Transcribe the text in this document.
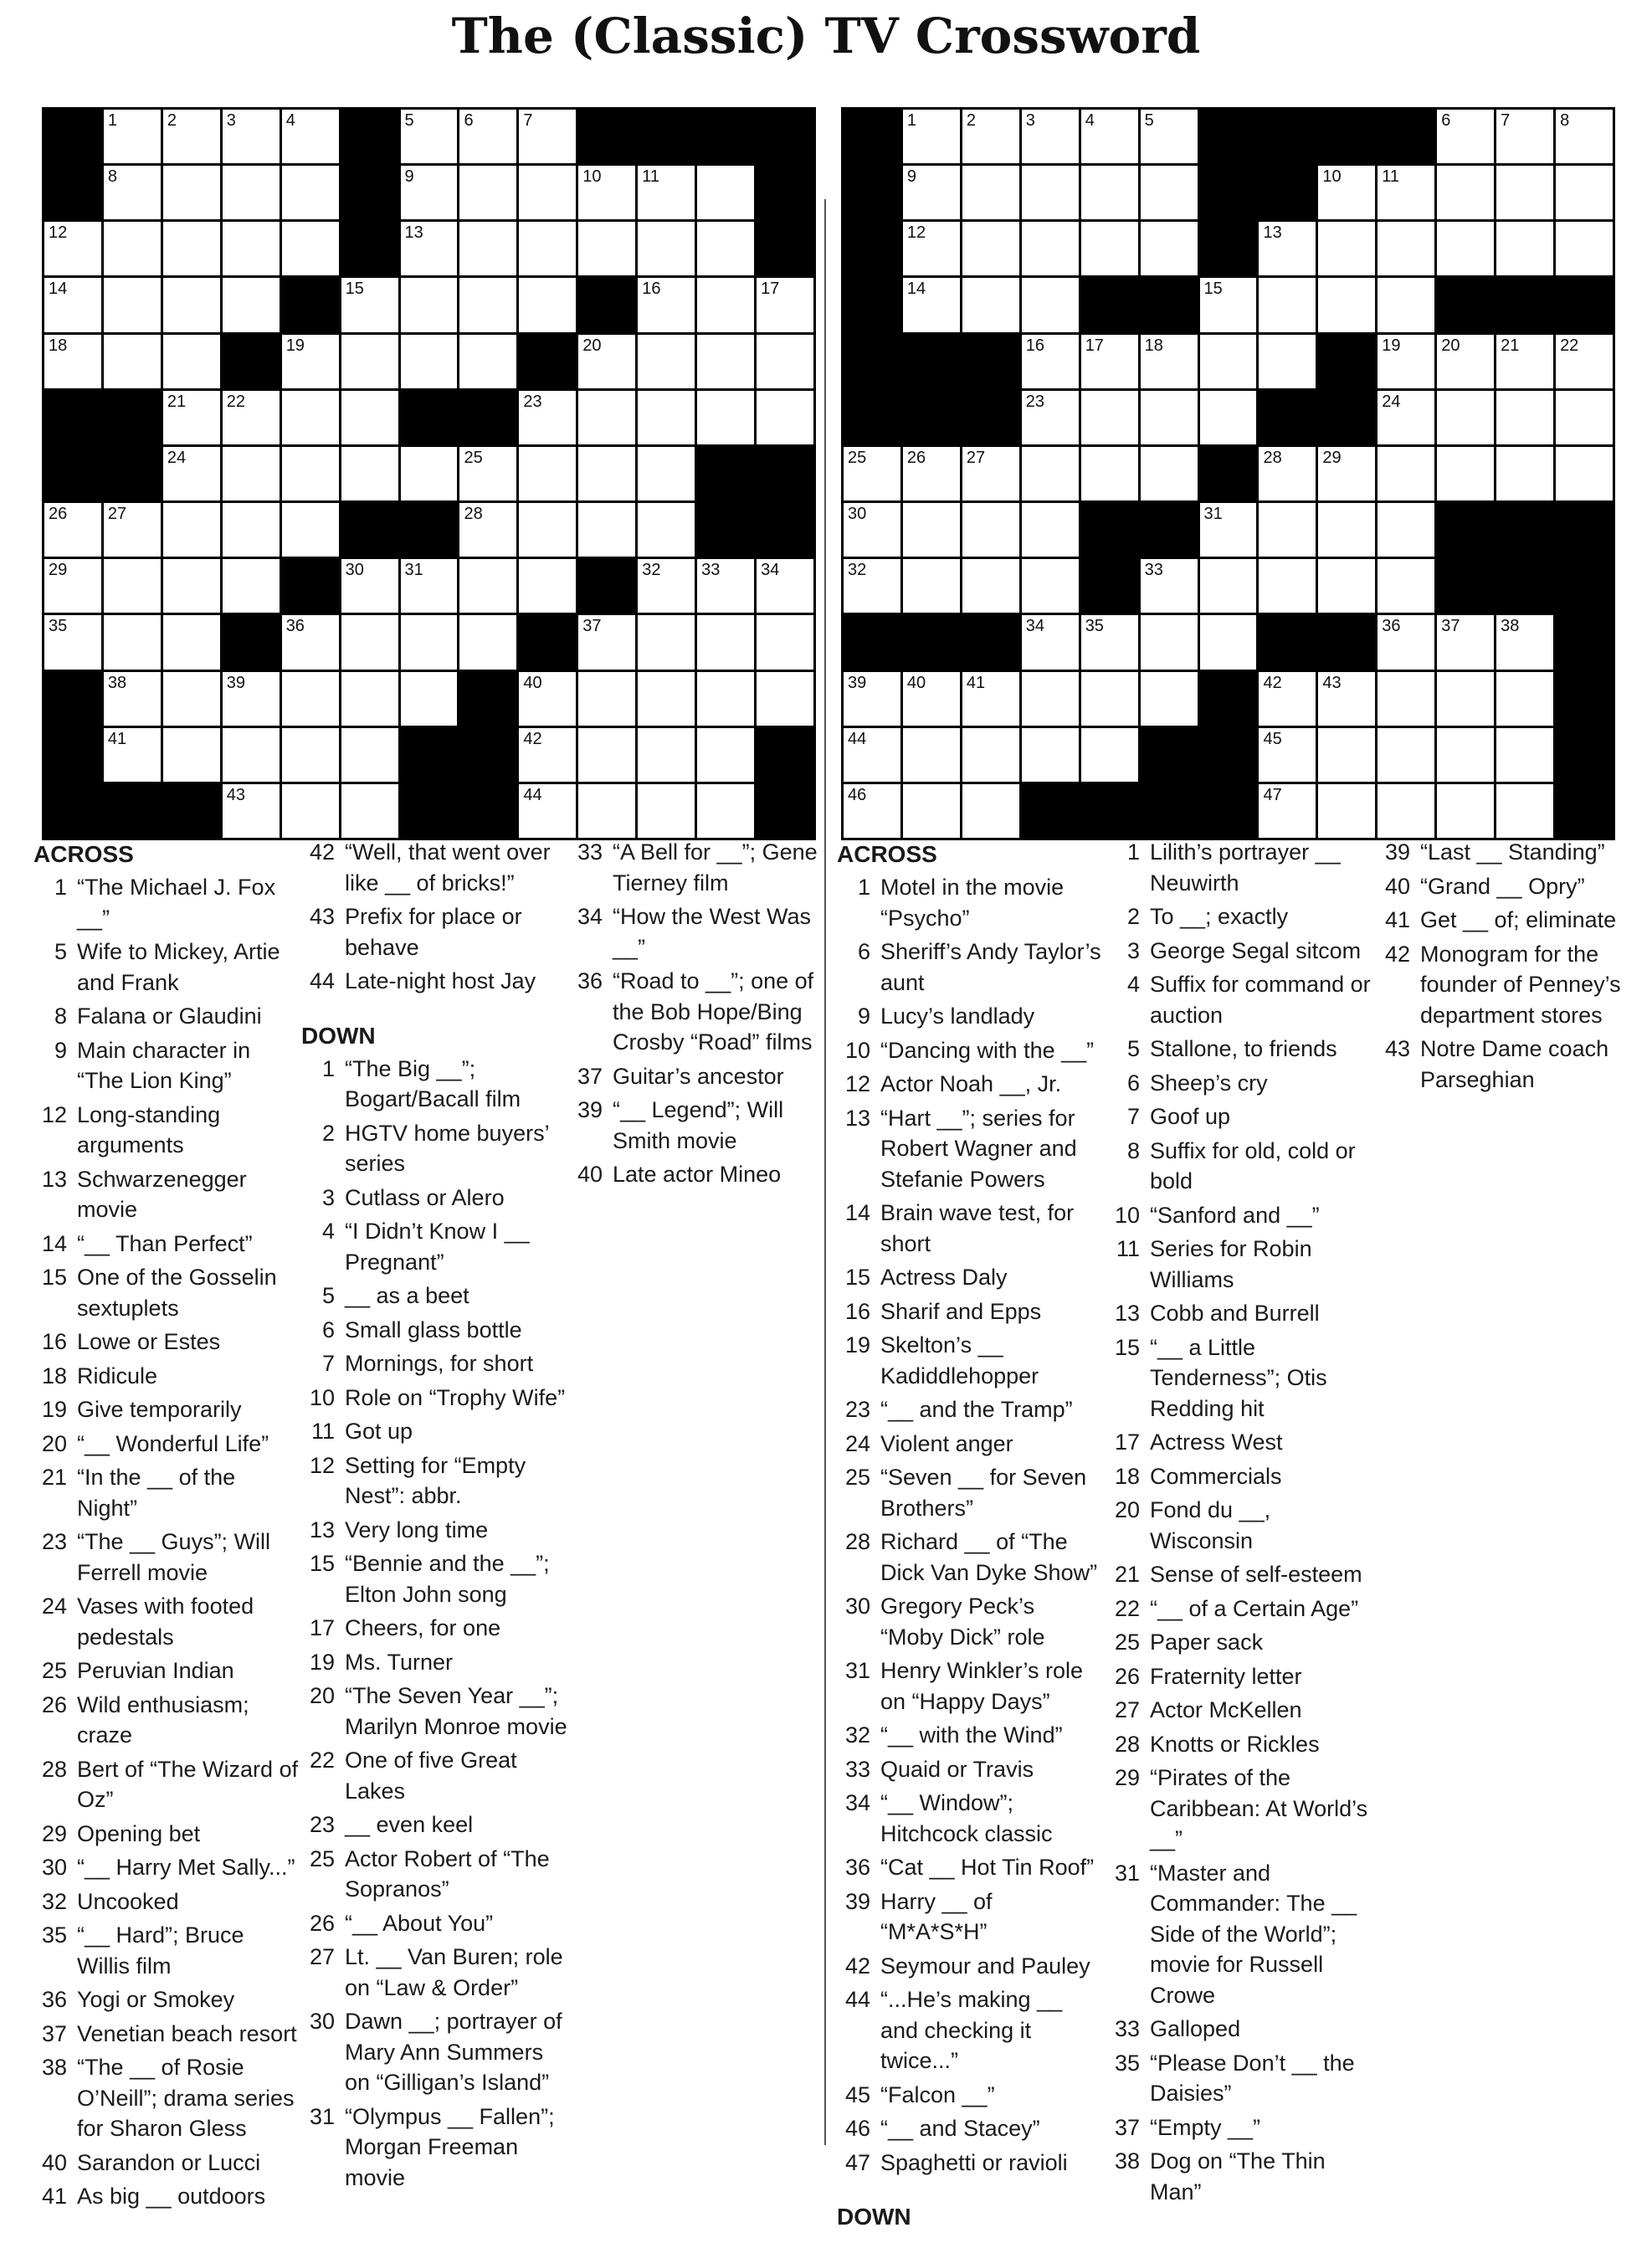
The (Classic) TV Crossword
1	2	3	4	5	6	7
8	9	10 11
12	13
14	15	16	17
18	19	20
21 22	23
24	25
26 27	28
29	30 31	32 33 34
35	36	37
38	39	40
41	42
43	44
1	2	3	4	5	6	7	8
9	10 11
12	13
14	15
16 17 18	19 20 21 22
23	24
25 26 27	28 29
30	31
32	33
34 35	36 37 38
39 40 41	42 43
44	45
46	47
ACROSS
1 “The Michael J. Fox __”
5 Wife to Mickey, Artie and Frank
8 Falana or Glaudini
9 Main character in “The Lion King”
12 Long-standing arguments
13 Schwarzenegger movie
14 “__ Than Perfect”
15 One of the Gosselin sextuplets
16 Lowe or Estes
18 Ridicule
19 Give temporarily
20 “__ Wonderful Life”
21 “In the __ of the Night”
23 “The __ Guys”; Will Ferrell movie
24 Vases with footed pedestals
25 Peruvian Indian
26 Wild enthusiasm; craze
28 Bert of “The Wizard of Oz”
29 Opening bet
30 “__ Harry Met Sally...”
32 Uncooked
35 “__ Hard”; Bruce Willis film
36 Yogi or Smokey
37 Venetian beach resort
38 “The __ of Rosie O’Neill”; drama series for Sharon Gless
40 Sarandon or Lucci
41 As big __ outdoors
42 “Well, that went over like __ of bricks!”
43 Prefix for place or behave
44 Late-night host Jay
DOWN
1 “The Big __”; Bogart/Bacall film
2 HGTV home buyers’ series
3 Cutlass or Alero
4 “I Didn’t Know I __ Pregnant”
5 __ as a beet
6 Small glass bottle
7 Mornings, for short
10 Role on “Trophy Wife”
11 Got up
12 Setting for “Empty Nest”: abbr.
13 Very long time
15 “Bennie and the __”; Elton John song
17 Cheers, for one
19 Ms. Turner
20 “The Seven Year __”; Marilyn Monroe movie
22 One of five Great Lakes
23 __ even keel
25 Actor Robert of “The Sopranos”
26 “__ About You”
27 Lt. __ Van Buren; role on “Law & Order”
30 Dawn __; portrayer of Mary Ann Summers on “Gilligan’s Island”
31 “Olympus __ Fallen”; Morgan Freeman movie
33 “A Bell for __”; Gene Tierney film
34 “How the West Was __”
36 “Road to __”; one of the Bob Hope/Bing Crosby “Road” films
37 Guitar’s ancestor
39 “__ Legend”; Will Smith movie
40 Late actor Mineo
ACROSS
1 Motel in the movie “Psycho”
6 Sheriff’s Andy Taylor’s aunt
9 Lucy’s landlady
10 “Dancing with the __”
12 Actor Noah __, Jr.
13 “Hart __”; series for Robert Wagner and Stefanie Powers
14 Brain wave test, for short
15 Actress Daly
16 Sharif and Epps
19 Skelton’s __ Kadiddlehopper
23 “__ and the Tramp”
24 Violent anger
25 “Seven __ for Seven Brothers”
28 Richard __ of “The Dick Van Dyke Show”
30 Gregory Peck’s “Moby Dick” role
31 Henry Winkler’s role on “Happy Days”
32 “__ with the Wind”
33 Quaid or Travis
34 “__ Window”; Hitchcock classic
36 “Cat __ Hot Tin Roof”
39 Harry __ of “M*A*S*H”
42 Seymour and Pauley
44 “...He’s making __ and checking it twice...”
45 “Falcon __”
46 “__ and Stacey”
47 Spaghetti or ravioli
DOWN
1 Lilith’s portrayer __ Neuwirth
2 To __; exactly
3 George Segal sitcom
4 Suffix for command or auction
5 Stallone, to friends
6 Sheep’s cry
7 Goof up
8 Suffix for old, cold or bold
10 “Sanford and __”
11 Series for Robin Williams
13 Cobb and Burrell
15 “__ a Little Tenderness”; Otis Redding hit
17 Actress West
18 Commercials
20 Fond du __, Wisconsin
21 Sense of self-esteem
22 “__ of a Certain Age”
25 Paper sack
26 Fraternity letter
27 Actor McKellen
28 Knotts or Rickles
29 “Pirates of the Caribbean: At World’s __”
31 “Master and Commander: The __ Side of the World”; movie for Russell Crowe
33 Galloped
35 “Please Don’t __ the Daisies”
37 “Empty __”
38 Dog on “The Thin Man”
39 “Last __ Standing”
40 “Grand __ Opry”
41 Get __ of; eliminate
42 Monogram for the founder of Penney’s department stores
43 Notre Dame coach Parseghian
